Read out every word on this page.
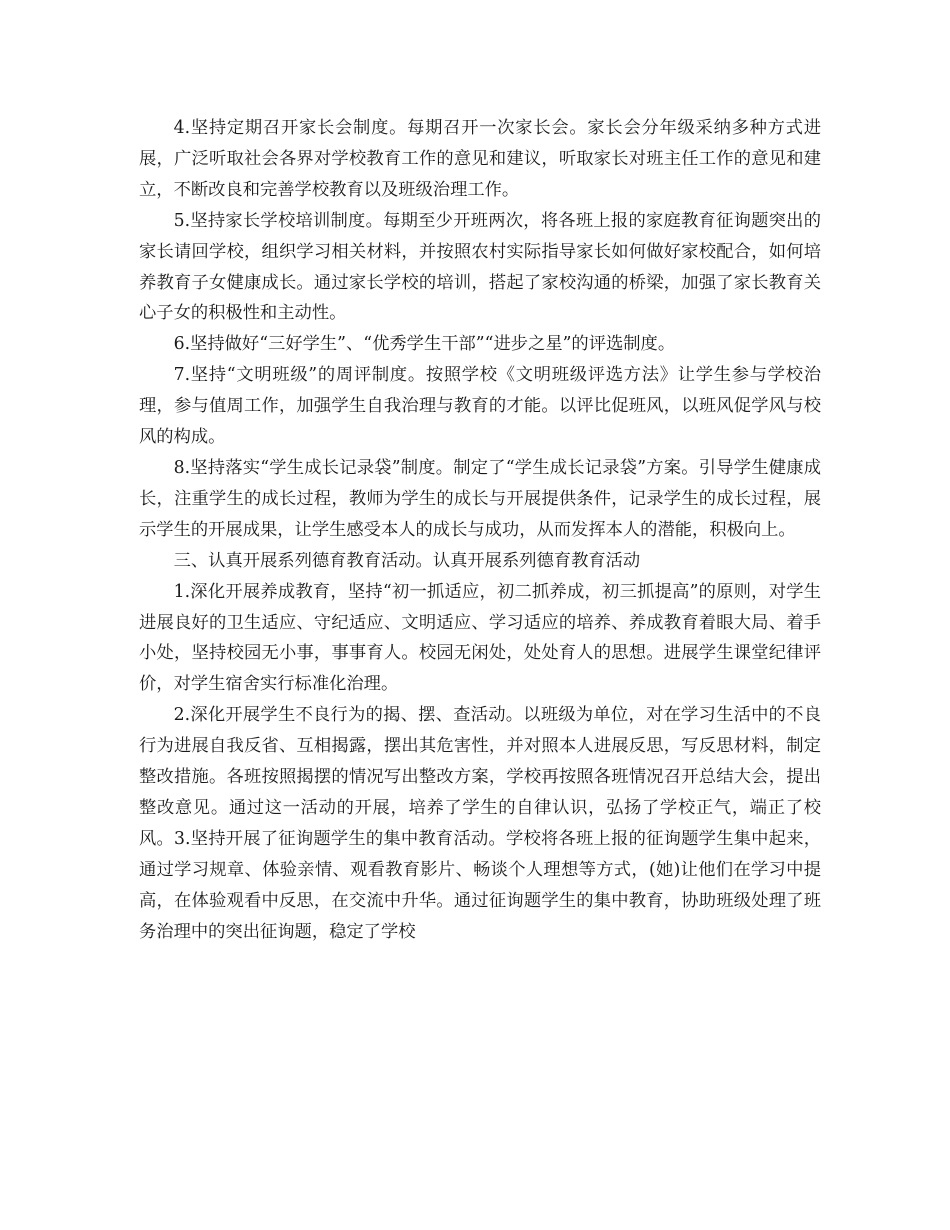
4.坚持定期召开家长会制度。每期召开一次家长会。家长会分年级采纳多种方式进展，广泛听取社会各界对学校教育工作的意见和建议，听取家长对班主任工作的意见和建立，不断改良和完善学校教育以及班级治理工作。

5.坚持家长学校培训制度。每期至少开班两次，将各班上报的家庭教育征询题突出的家长请回学校，组织学习相关材料，并按照农村实际指导家长如何做好家校配合，如何培养教育子女健康成长。通过家长学校的培训，搭起了家校沟通的桥梁，加强了家长教育关心子女的积极性和主动性。

6.坚持做好“三好学生”、“优秀学生干部”“进步之星”的评选制度。

7.坚持“文明班级”的周评制度。按照学校《文明班级评选方法》让学生参与学校治理，参与值周工作，加强学生自我治理与教育的才能。以评比促班风，以班风促学风与校风的构成。

8.坚持落实“学生成长记录袋”制度。制定了“学生成长记录袋”方案。引导学生健康成长，注重学生的成长过程，教师为学生的成长与开展提供条件，记录学生的成长过程，展示学生的开展成果，让学生感受本人的成长与成功，从而发挥本人的潜能，积极向上。

三、认真开展系列德育教育活动。认真开展系列德育教育活动

1.深化开展养成教育，坚持“初一抓适应，初二抓养成，初三抓提高”的原则，对学生进展良好的卫生适应、守纪适应、文明适应、学习适应的培养、养成教育着眼大局、着手小处，坚持校园无小事，事事育人。校园无闲处，处处育人的思想。进展学生课堂纪律评价，对学生宿舍实行标准化治理。

2.深化开展学生不良行为的揭、摆、查活动。以班级为单位，对在学习生活中的不良行为进展自我反省、互相揭露，摆出其危害性，并对照本人进展反思，写反思材料，制定整改措施。各班按照揭摆的情况写出整改方案，学校再按照各班情况召开总结大会，提出整改意见。通过这一活动的开展，培养了学生的自律认识，弘扬了学校正气，端正了校风。3.坚持开展了征询题学生的集中教育活动。学校将各班上报的征询题学生集中起来，通过学习规章、体验亲情、观看教育影片、畅谈个人理想等方式，(她)让他们在学习中提高，在体验观看中反思，在交流中升华。通过征询题学生的集中教育，协助班级处理了班务治理中的突出征询题，稳定了学校
